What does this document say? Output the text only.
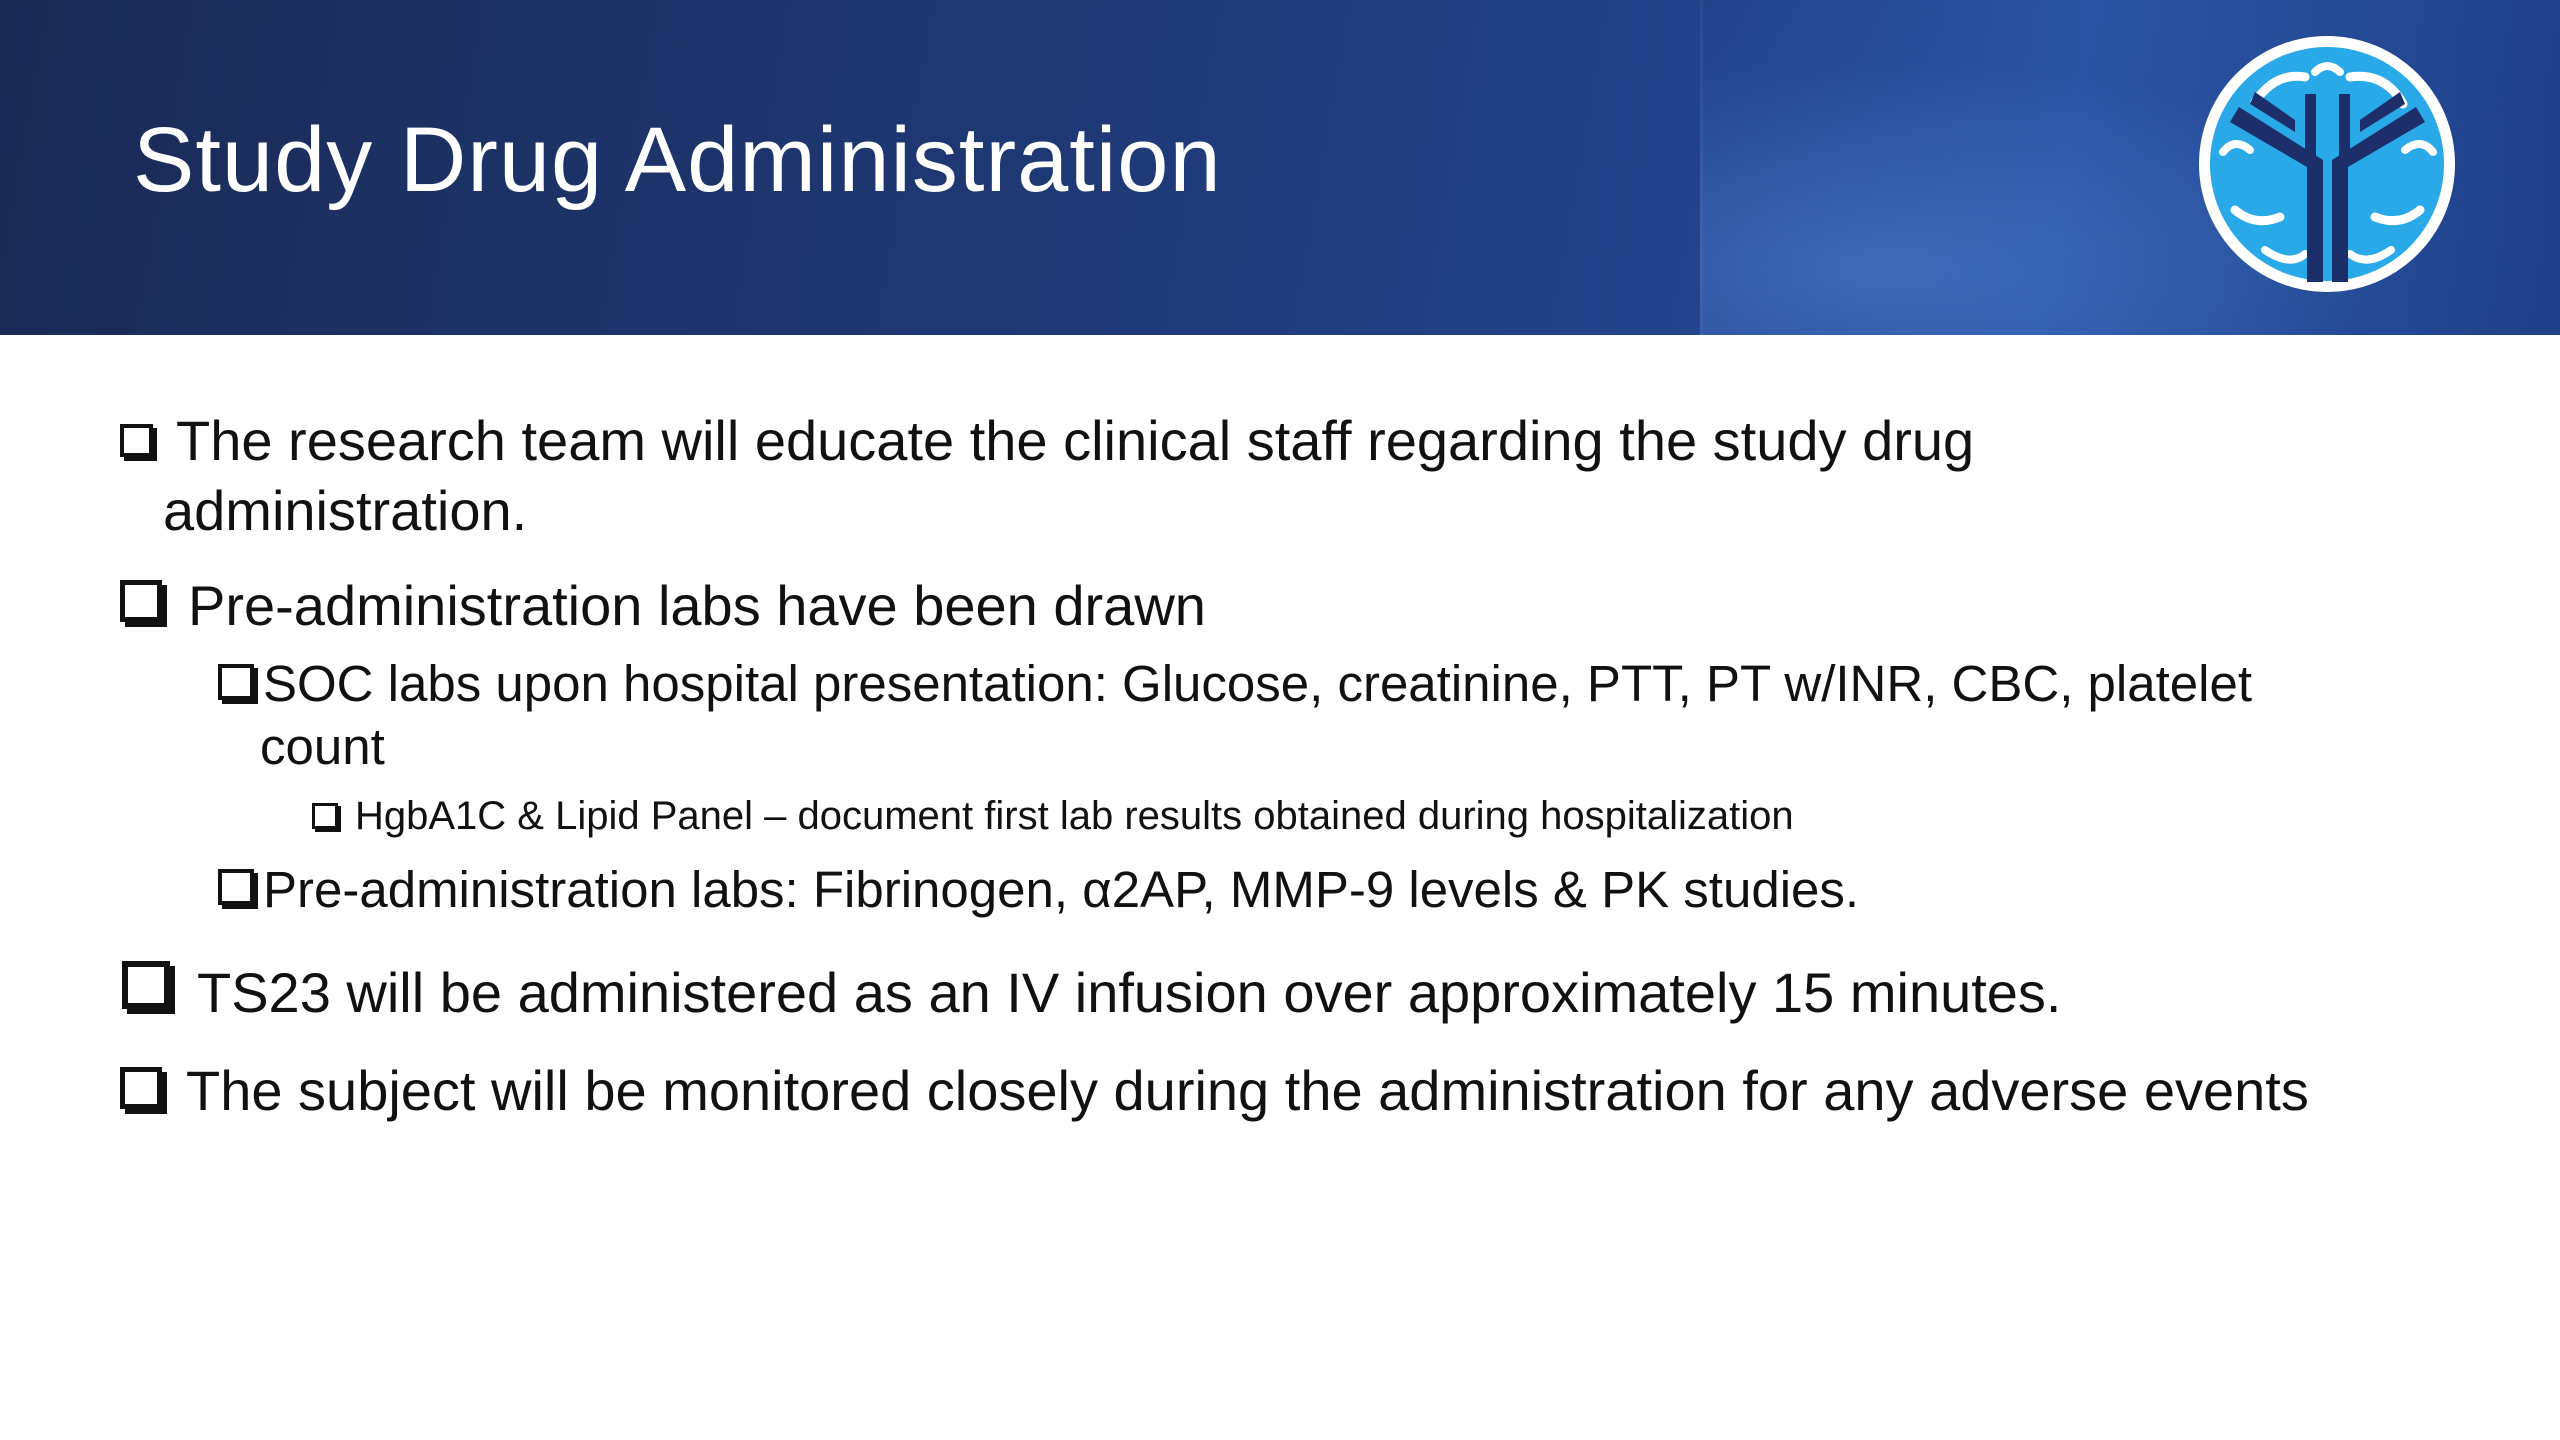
Study Drug Administration
The research team will educate the clinical staff regarding the study drug
administration.
Pre-administration labs have been drawn
SOC labs upon hospital presentation: Glucose, creatinine, PTT, PT w/INR, CBC, platelet
count
HgbA1C & Lipid Panel – document first lab results obtained during hospitalization
Pre-administration labs: Fibrinogen, α2AP, MMP-9 levels & PK studies.
TS23 will be administered as an IV infusion over approximately 15 minutes.
The subject will be monitored closely during the administration for any adverse events
